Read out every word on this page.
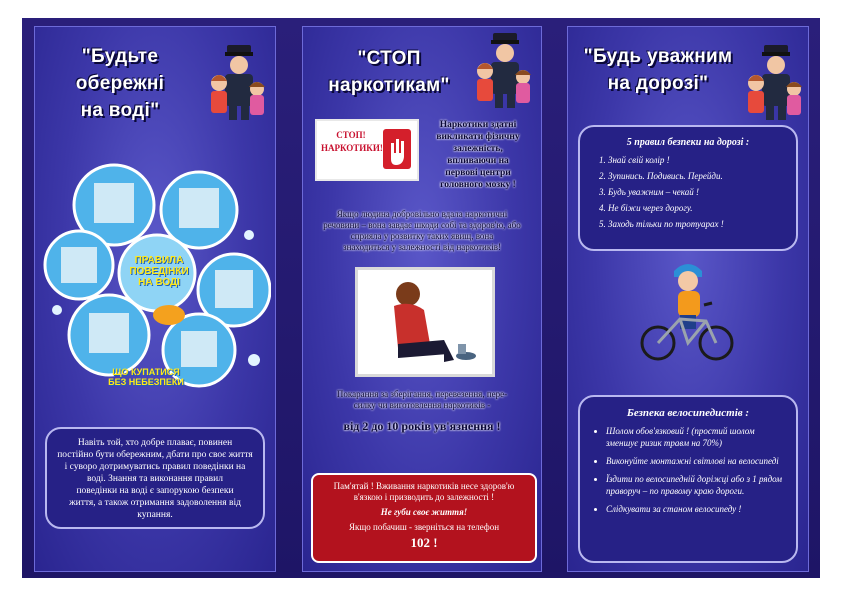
"Будьте
обережні
на воді"
ПРАВИЛА
ПОВЕДІНКИ
НА ВОДІ
ЩО КУПАТИСЯ
БЕЗ НЕБЕЗПЕКИ
Навіть той, хто добре плаває, повинен
постійно бути обережним, дбати про своє життя
і суворо дотримуватись правил поведінки на
воді. Знання та виконання правил
поведінки на воді є запорукою безпеки
життя, а також отримання задоволення від
купання.
"СТОП
наркотикам"
СТОП!
НАРКОТИКИ!
Наркотики здатні
викликати фізичну
залежність,
впливаючи на
первові центри
головного мозку !
Якщо людина добровільно вдала наркотичні
речовини – вона завдає шкоди собі та здоров'ю, або
сприяла у розвитку таких явищ, вона
знаходиться у залежності від наркотиків!
Покарання за зберігання, перевезення, пере-
силку чи виготовлення наркотиків -
від 2 до 10 років ув'язнення !
Пам'ятай ! Вживання наркотиків несе здоров'ю
в'язкою і призводить до залежності !
Не губи своє життя!
Якщо побачиш - зверніться на телефон
102 !
"Будь уважним
на дорозі"
5 правил безпеки на дорозі :
1. Знай свій колір !
2. Зупинись. Подивись. Перейди.
3. Будь уважним – чекай !
4. Не біжи через дорогу.
5. Заходь тільки по тротуарах !
Безпека велосипедистів :
• Шолом обов'язковий ! (простий шолом зменшує ризик травм на 70%)
• Виконуйте монтажні світлові на велосипеді
• Їздити по велосипедній доріжці або з 1 рядом праворуч – по правому краю дороги.
• Слідкувати за станом велосипеду !
